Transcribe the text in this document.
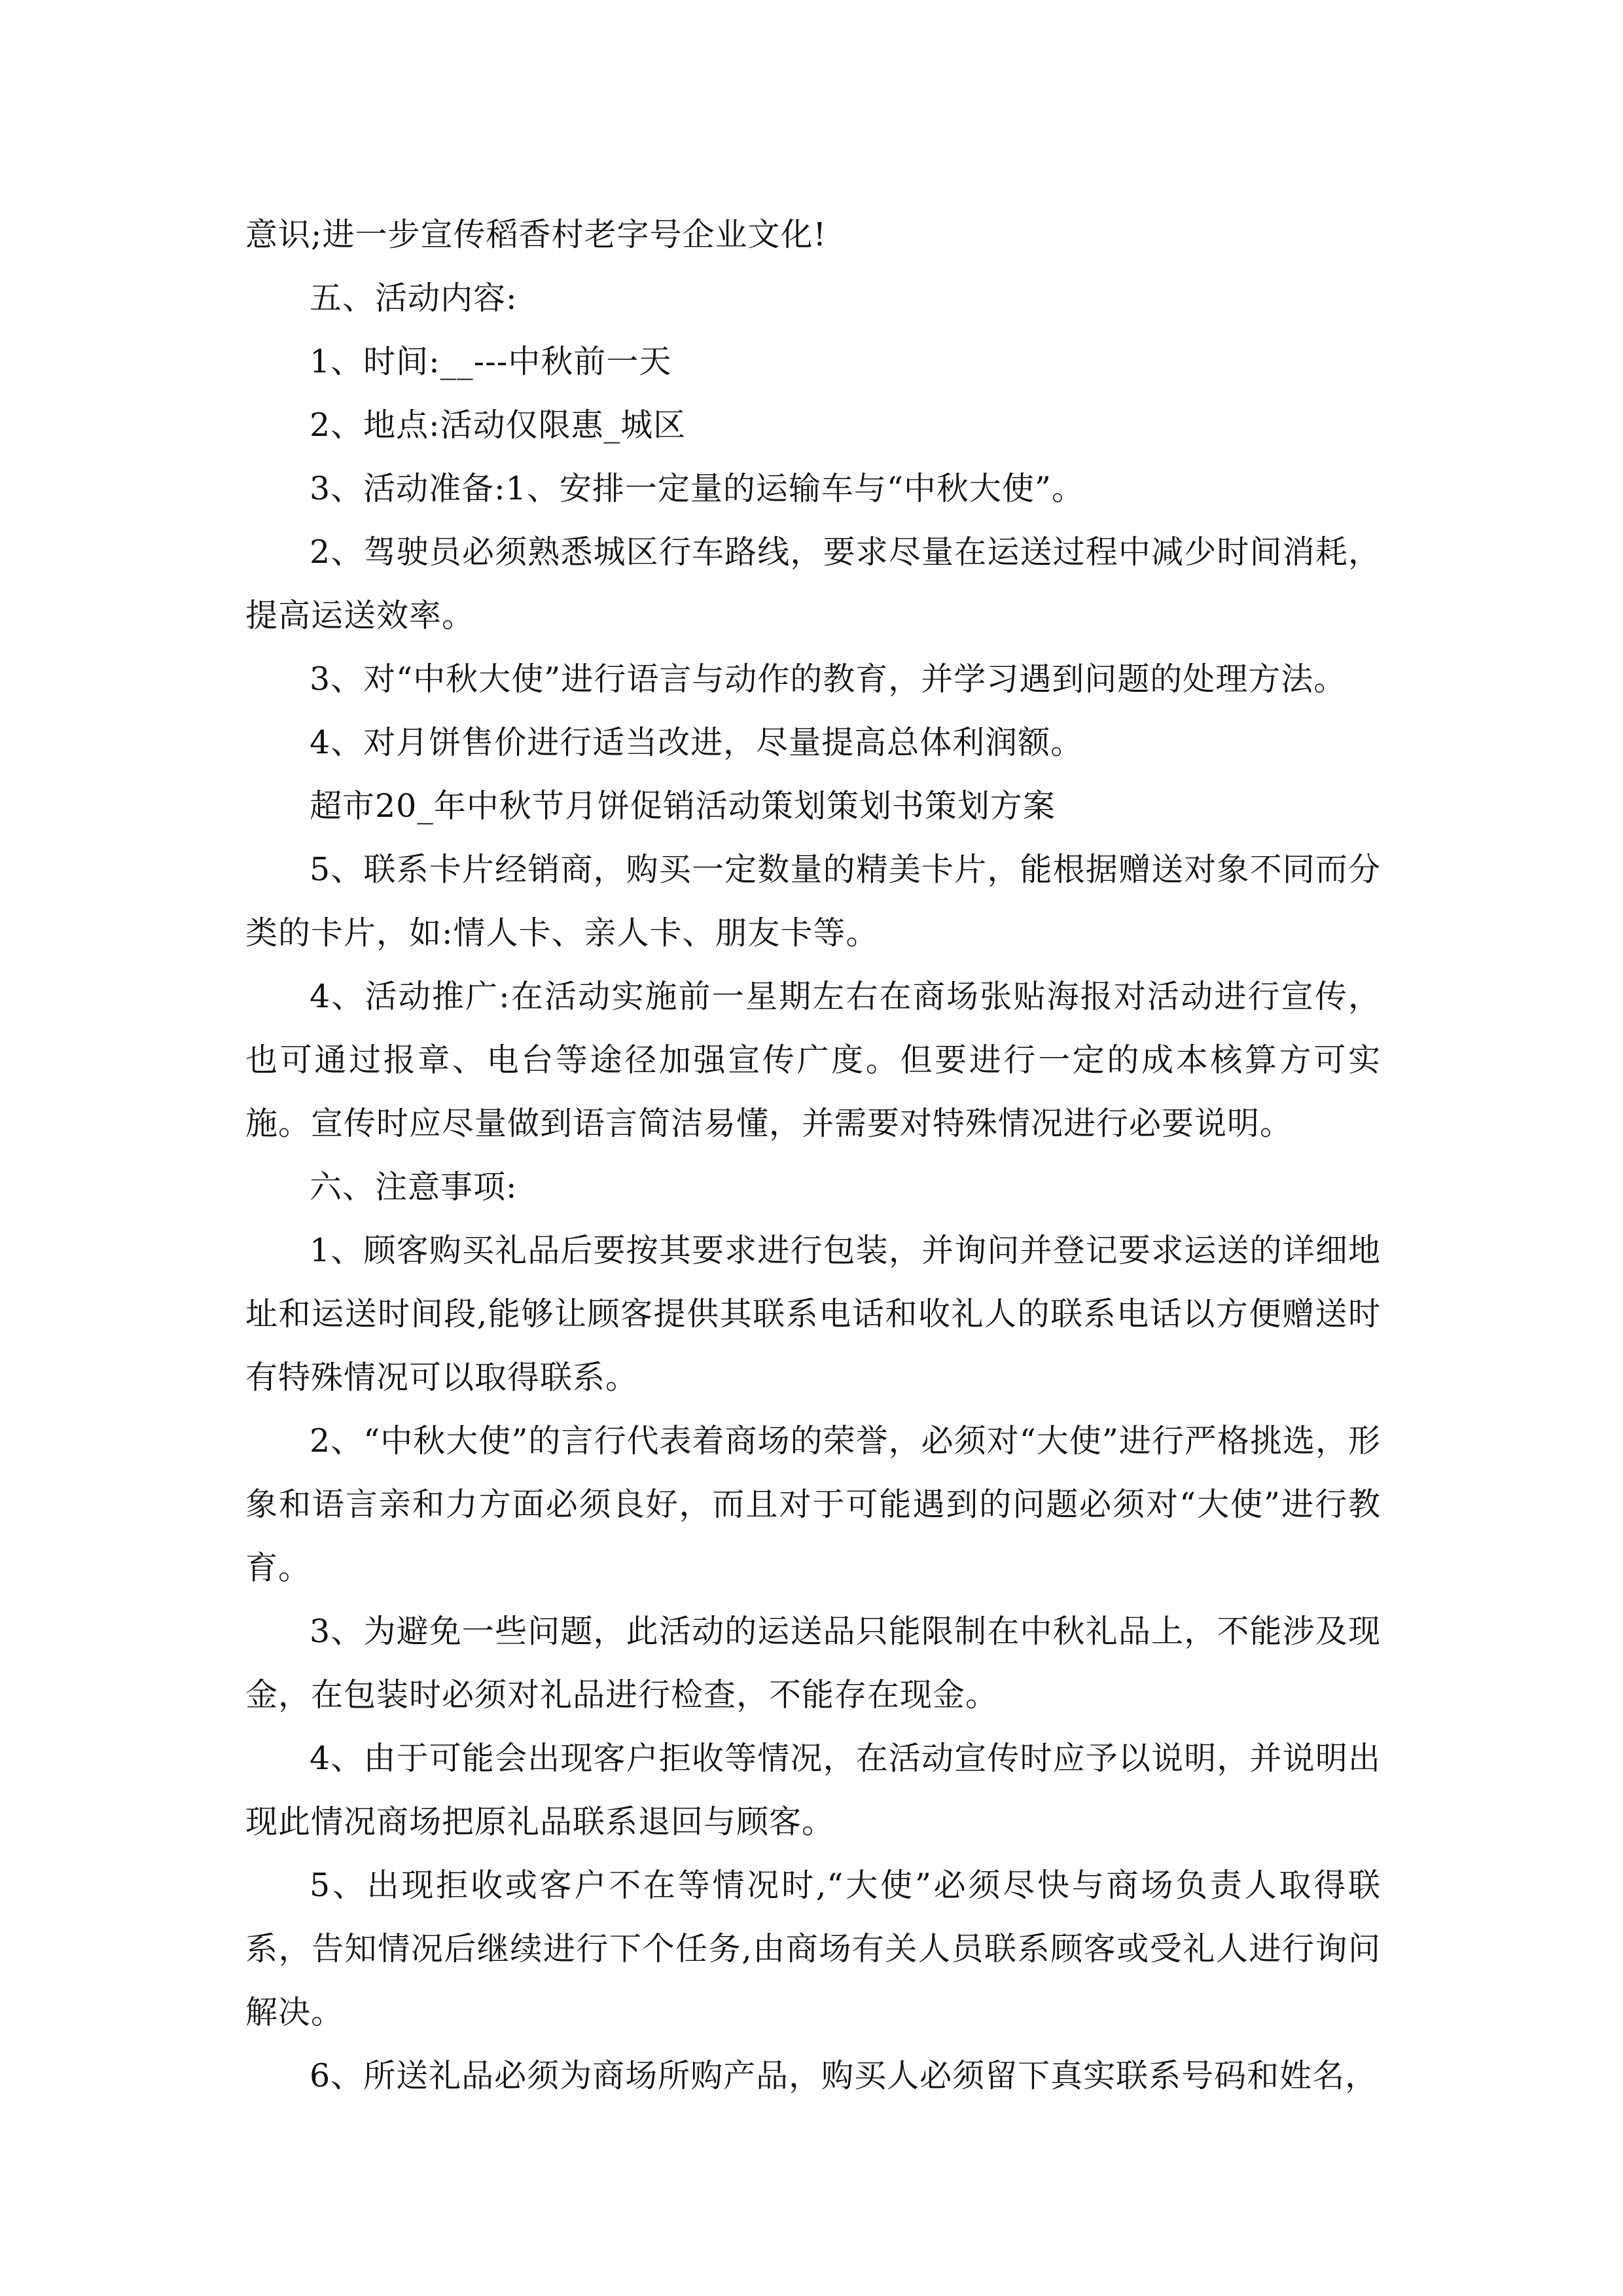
意识;进一步宣传稻香村老字号企业文化!

五、活动内容:

1、时间:__---中秋前一天

2、地点:活动仅限惠_城区

3、活动准备:1、安排一定量的运输车与“中秋大使”。

2、驾驶员必须熟悉城区行车路线，要求尽量在运送过程中减少时间消耗，提高运送效率。

3、对“中秋大使”进行语言与动作的教育，并学习遇到问题的处理方法。

4、对月饼售价进行适当改进，尽量提高总体利润额。

超市20_年中秋节月饼促销活动策划策划书策划方案

5、联系卡片经销商，购买一定数量的精美卡片，能根据赠送对象不同而分类的卡片，如:情人卡、亲人卡、朋友卡等。

4、活动推广:在活动实施前一星期左右在商场张贴海报对活动进行宣传，也可通过报章、电台等途径加强宣传广度。但要进行一定的成本核算方可实施。宣传时应尽量做到语言简洁易懂，并需要对特殊情况进行必要说明。

六、注意事项:

1、顾客购买礼品后要按其要求进行包装，并询问并登记要求运送的详细地址和运送时间段,能够让顾客提供其联系电话和收礼人的联系电话以方便赠送时有特殊情况可以取得联系。

2、“中秋大使”的言行代表着商场的荣誉，必须对“大使”进行严格挑选，形象和语言亲和力方面必须良好，而且对于可能遇到的问题必须对“大使”进行教育。

3、为避免一些问题，此活动的运送品只能限制在中秋礼品上，不能涉及现金，在包装时必须对礼品进行检查，不能存在现金。

4、由于可能会出现客户拒收等情况，在活动宣传时应予以说明，并说明出现此情况商场把原礼品联系退回与顾客。

5、出现拒收或客户不在等情况时,“大使”必须尽快与商场负责人取得联系，告知情况后继续进行下个任务,由商场有关人员联系顾客或受礼人进行询问解决。

6、所送礼品必须为商场所购产品，购买人必须留下真实联系号码和姓名，
